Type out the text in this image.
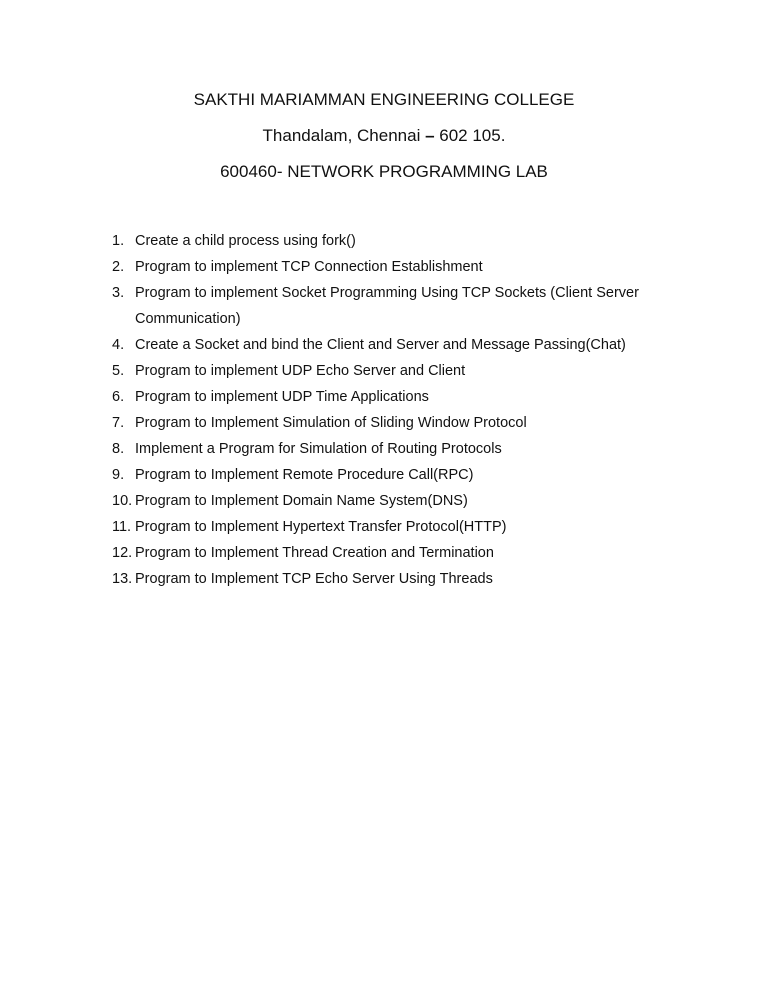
SAKTHI MARIAMMAN ENGINEERING COLLEGE
Thandalam, Chennai – 602 105.
600460- NETWORK PROGRAMMING LAB
1. Create a child process using fork()
2. Program to implement TCP Connection Establishment
3. Program to implement Socket Programming Using TCP Sockets (Client Server Communication)
4. Create a Socket and bind the Client and Server and Message Passing(Chat)
5. Program to implement UDP Echo Server and Client
6. Program to implement UDP Time Applications
7. Program to Implement Simulation of Sliding Window Protocol
8. Implement a Program for Simulation of Routing Protocols
9. Program to Implement Remote Procedure Call(RPC)
10. Program to Implement Domain Name System(DNS)
11. Program to Implement Hypertext Transfer Protocol(HTTP)
12. Program to Implement Thread Creation and Termination
13. Program to Implement TCP Echo Server Using Threads
